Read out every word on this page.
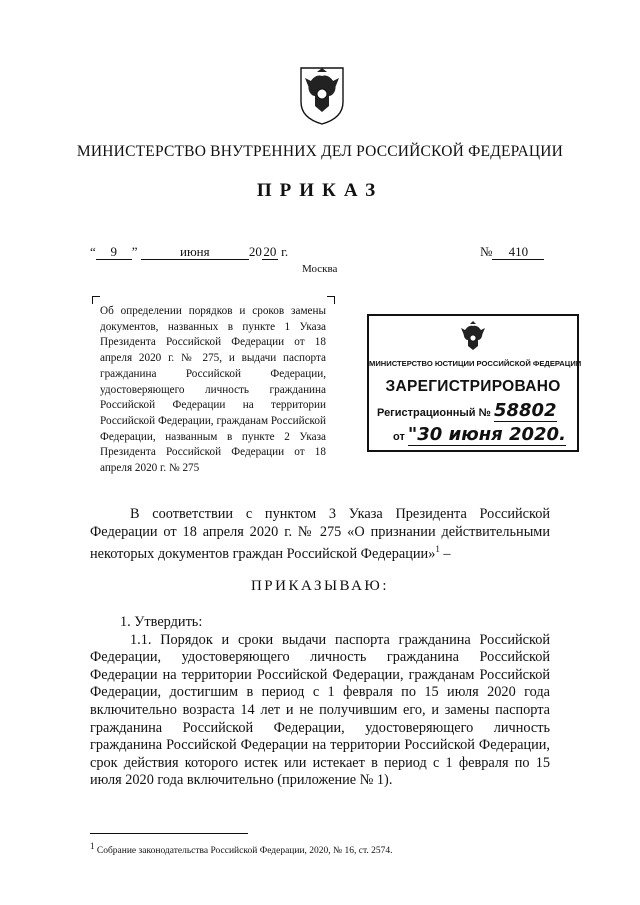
МИНИСТЕРСТВО ВНУТРЕННИХ ДЕЛ РОССИЙСКОЙ ФЕДЕРАЦИИ
ПРИКАЗ
“ 9 ”	июня	20 20 г.	№ 410
Москва
Об определении порядков и сроков замены документов, названных в пункте 1 Указа Президента Российской Федерации от 18 апреля 2020 г. № 275, и выдачи паспорта гражданина Российской Федерации, удостоверяющего личность гражданина Российской Федерации на территории Российской Федерации, гражданам Российской Федерации, названным в пункте 2 Указа Президента Российской Федерации от 18 апреля 2020 г. № 275
МИНИСТЕРСТВО ЮСТИЦИИ РОССИЙСКОЙ ФЕДЕРАЦИИ
ЗАРЕГИСТРИРОВАНО
Регистрационный № 58802
от "30 июня 2020.

В соответствии с пунктом 3 Указа Президента Российской Федерации от 18 апреля 2020 г. № 275 «О признании действительными некоторых документов граждан Российской Федерации»$^1$ –

ПРИКАЗЫВАЮ:

1. Утвердить:

1.1. Порядок и сроки выдачи паспорта гражданина Российской Федерации, удостоверяющего личность гражданина Российской Федерации на территории Российской Федерации, гражданам Российской Федерации, достигшим в период с 1 февраля по 15 июля 2020 года включительно возраста 14 лет и не получившим его, и замены паспорта гражданина Российской Федерации, удостоверяющего личность гражданина Российской Федерации на территории Российской Федерации, срок действия которого истек или истекает в период с 1 февраля по 15 июля 2020 года включительно (приложение № 1).

$^1$ Собрание законодательства Российской Федерации, 2020, № 16, ст. 2574.
